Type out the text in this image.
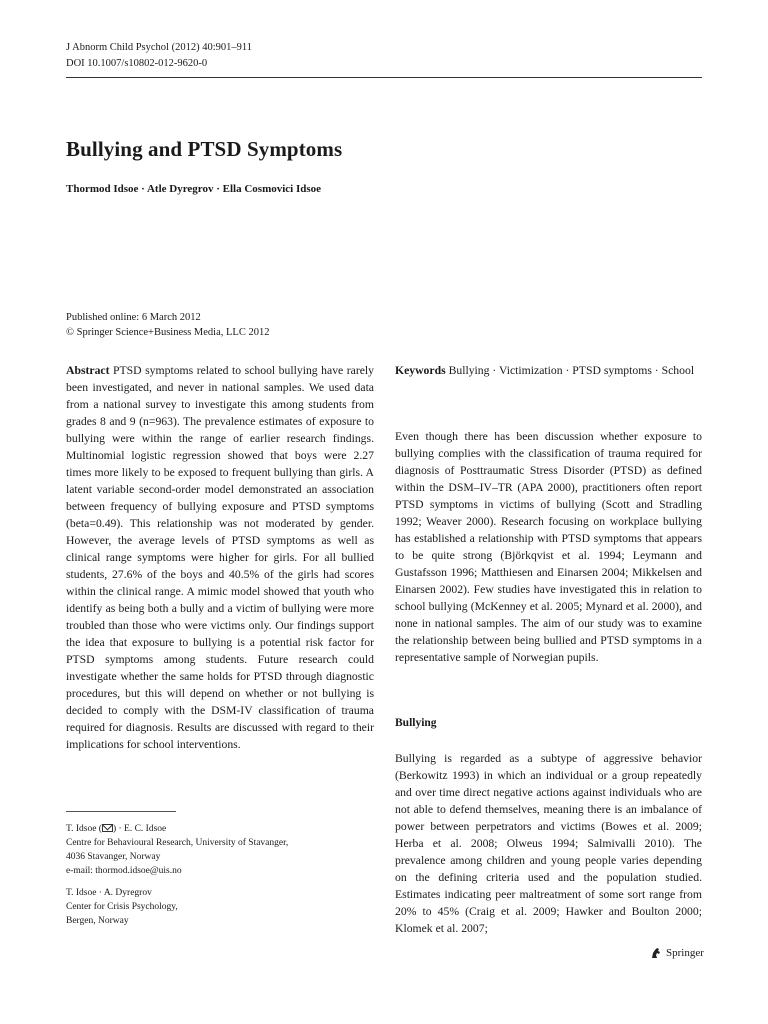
J Abnorm Child Psychol (2012) 40:901–911
DOI 10.1007/s10802-012-9620-0
Bullying and PTSD Symptoms
Thormod Idsoe · Atle Dyregrov · Ella Cosmovici Idsoe
Published online: 6 March 2012
© Springer Science+Business Media, LLC 2012

Abstract PTSD symptoms related to school bullying have rarely been investigated, and never in national samples. We used data from a national survey to investigate this among students from grades 8 and 9 (n=963). The prevalence estimates of exposure to bullying were within the range of earlier research findings. Multinomial logistic regression showed that boys were 2.27 times more likely to be exposed to frequent bullying than girls. A latent variable second-order model demonstrated an association between frequency of bullying exposure and PTSD symptoms (beta=0.49). This relationship was not moderated by gender. However, the average levels of PTSD symptoms as well as clinical range symptoms were higher for girls. For all bullied students, 27.6% of the boys and 40.5% of the girls had scores within the clinical range. A mimic model showed that youth who identify as being both a bully and a victim of bullying were more troubled than those who were victims only. Our findings support the idea that exposure to bullying is a potential risk factor for PTSD symptoms among students. Future research could investigate whether the same holds for PTSD through diagnostic procedures, but this will depend on whether or not bullying is decided to comply with the DSM-IV classification of trauma required for diagnosis. Results are discussed with regard to their implications for school interventions.

Keywords Bullying · Victimization · PTSD symptoms · School

Even though there has been discussion whether exposure to bullying complies with the classification of trauma required for diagnosis of Posttraumatic Stress Disorder (PTSD) as defined within the DSM–IV–TR (APA 2000), practitioners often report PTSD symptoms in victims of bullying (Scott and Stradling 1992; Weaver 2000). Research focusing on workplace bullying has established a relationship with PTSD symptoms that appears to be quite strong (Björkqvist et al. 1994; Leymann and Gustafsson 1996; Matthiesen and Einarsen 2004; Mikkelsen and Einarsen 2002). Few studies have investigated this in relation to school bullying (McKenney et al. 2005; Mynard et al. 2000), and none in national samples. The aim of our study was to examine the relationship between being bullied and PTSD symptoms in a representative sample of Norwegian pupils.

Bullying

Bullying is regarded as a subtype of aggressive behavior (Berkowitz 1993) in which an individual or a group repeatedly and over time direct negative actions against individuals who are not able to defend themselves, meaning there is an imbalance of power between perpetrators and victims (Bowes et al. 2009; Herba et al. 2008; Olweus 1994; Salmivalli 2010). The prevalence among children and young people varies depending on the defining criteria used and the population studied. Estimates indicating peer maltreatment of some sort range from 20% to 45% (Craig et al. 2009; Hawker and Boulton 2000; Klomek et al. 2007;

T. Idsoe ( ) · E. C. Idsoe
Centre for Behavioural Research, University of Stavanger,
4036 Stavanger, Norway
e-mail: thormod.idsoe@uis.no
T. Idsoe · A. Dyregrov
Center for Crisis Psychology,
Bergen, Norway
Springer
